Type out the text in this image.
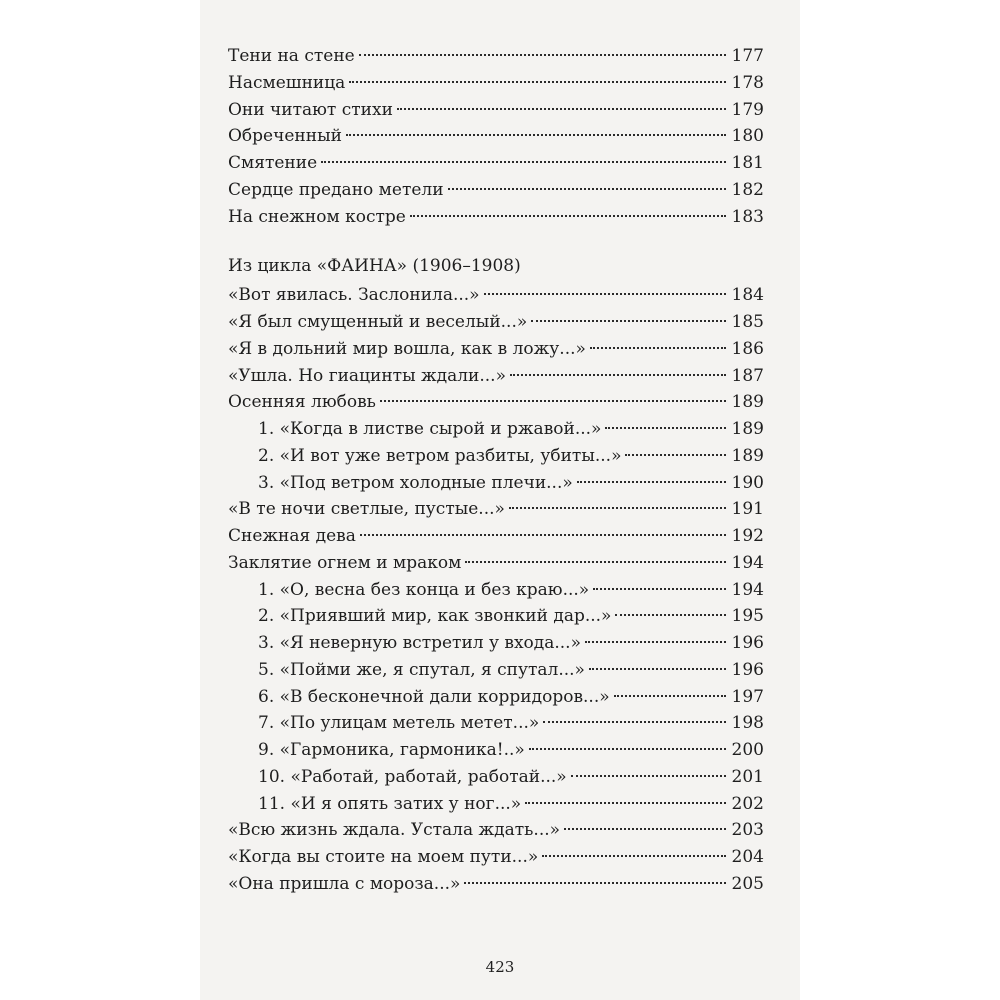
Тени на стене	177
Насмешница	178
Они читают стихи	179
Обреченный	180
Смятение	181
Сердце предано метели	182
На снежном костре	183
Из цикла «ФАИНА» (1906–1908)
«Вот явилась. Заслонила...»	184
«Я был смущенный и веселый...»	185
«Я в дольний мир вошла, как в ложу...»	186
«Ушла. Но гиацинты ждали...»	187
Осенняя любовь	189
1. «Когда в листве сырой и ржавой...»	189
2. «И вот уже ветром разбиты, убиты...»	189
3. «Под ветром холодные плечи...»	190
«В те ночи светлые, пустые...»	191
Снежная дева	192
Заклятие огнем и мраком	194
1. «О, весна без конца и без краю...»	194
2. «Приявший мир, как звонкий дар...»	195
3. «Я неверную встретил у входа...»	196
5. «Пойми же, я спутал, я спутал...»	196
6. «В бесконечной дали корридоров...»	197
7. «По улицам метель метет...»	198
9. «Гармоника, гармоника!..»	200
10. «Работай, работай, работай...»	201
11. «И я опять затих у ног...»	202
«Всю жизнь ждала. Устала ждать...»	203
«Когда вы стоите на моем пути...»	204
«Она пришла с мороза...»	205
423
